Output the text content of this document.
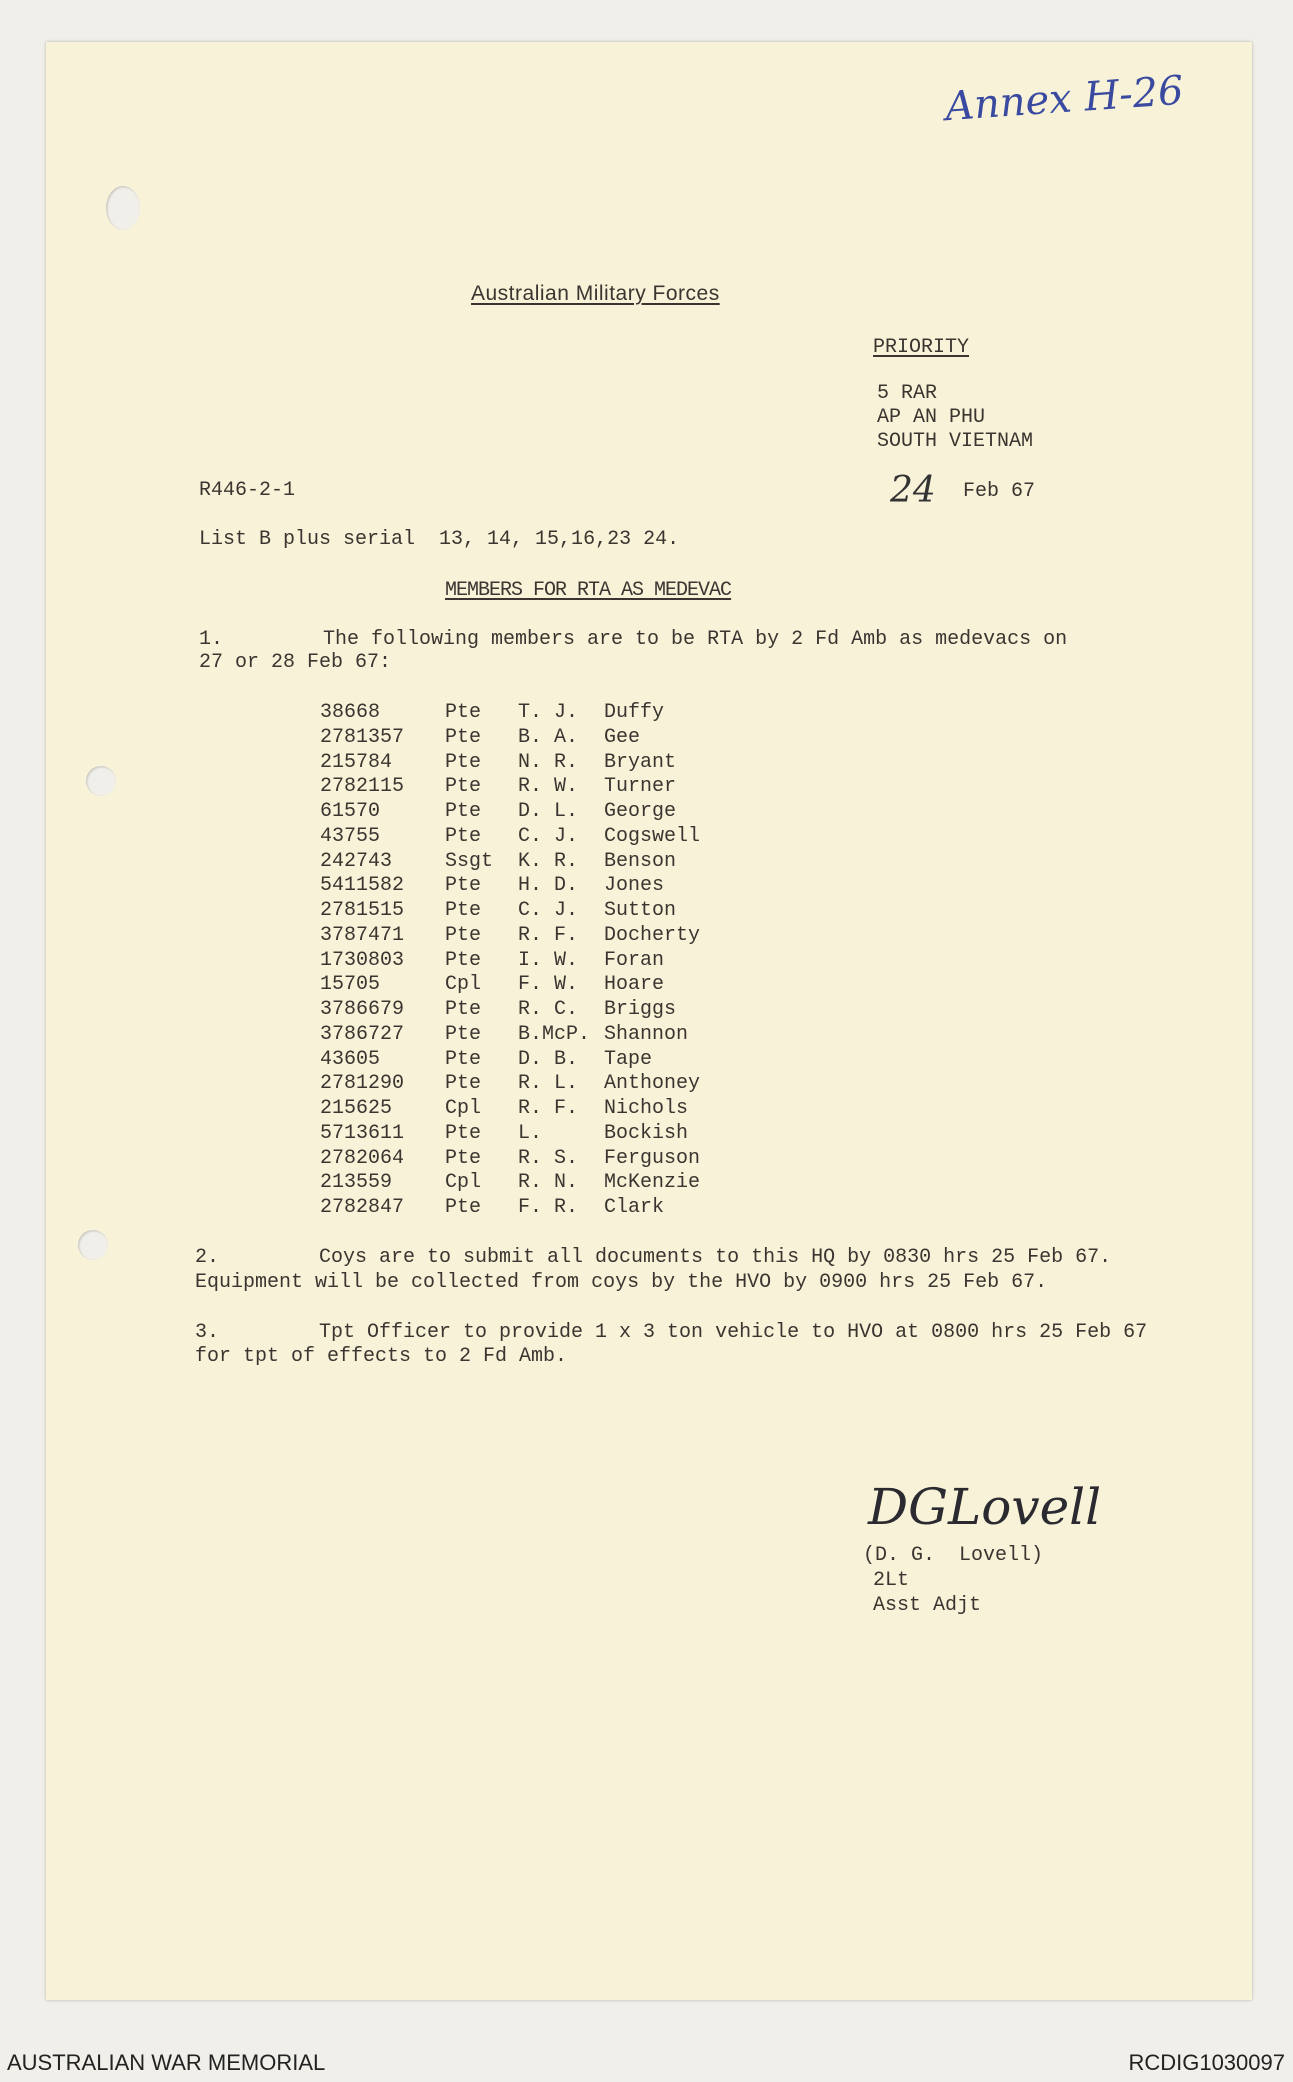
Annex H-26
Australian Military Forces
PRIORITY
5 RAR
AP AN PHU
SOUTH VIETNAM
R446-2-1	24 Feb 67
List B plus serial  13, 14, 15,16,23 24.
MEMBERS FOR RTA AS MEDEVAC
1.	The following members are to be RTA by 2 Fd Amb as medevacs on
27 or 28 Feb 67:
38668	Pte T. J. Duffy
2781357 Pte B. A. Gee
215784	Pte N. R. Bryant
2782115 Pte R. W. Turner
61570	Pte D. L. George
43755	Pte C. J. Cogswell
242743	Ssgt K. R. Benson
5411582 Pte H. D. Jones
2781515 Pte C. J. Sutton
3787471 Pte R. F. Docherty
1730803 Pte I. W. Foran
15705	Cpl F. W. Hoare
3786679 Pte R. C. Briggs
3786727 Pte B.McP. Shannon
43605	Pte D. B. Tape
2781290 Pte R. L. Anthoney
215625	Cpl R. F. Nichols
5713611 Pte L.	Bockish
2782064 Pte R. S. Ferguson
213559	Cpl R. N. McKenzie
2782847 Pte F. R. Clark
2.	Coys are to submit all documents to this HQ by 0830 hrs 25 Feb 67.
Equipment will be collected from coys by the HVO by 0900 hrs 25 Feb 67.
3.	Tpt Officer to provide 1 x 3 ton vehicle to HVO at 0800 hrs 25 Feb 67
for tpt of effects to 2 Fd Amb.
DGLovell
(D. G.  Lovell)
2Lt
Asst Adjt
AUSTRALIAN WAR MEMORIAL	RCDIG1030097
